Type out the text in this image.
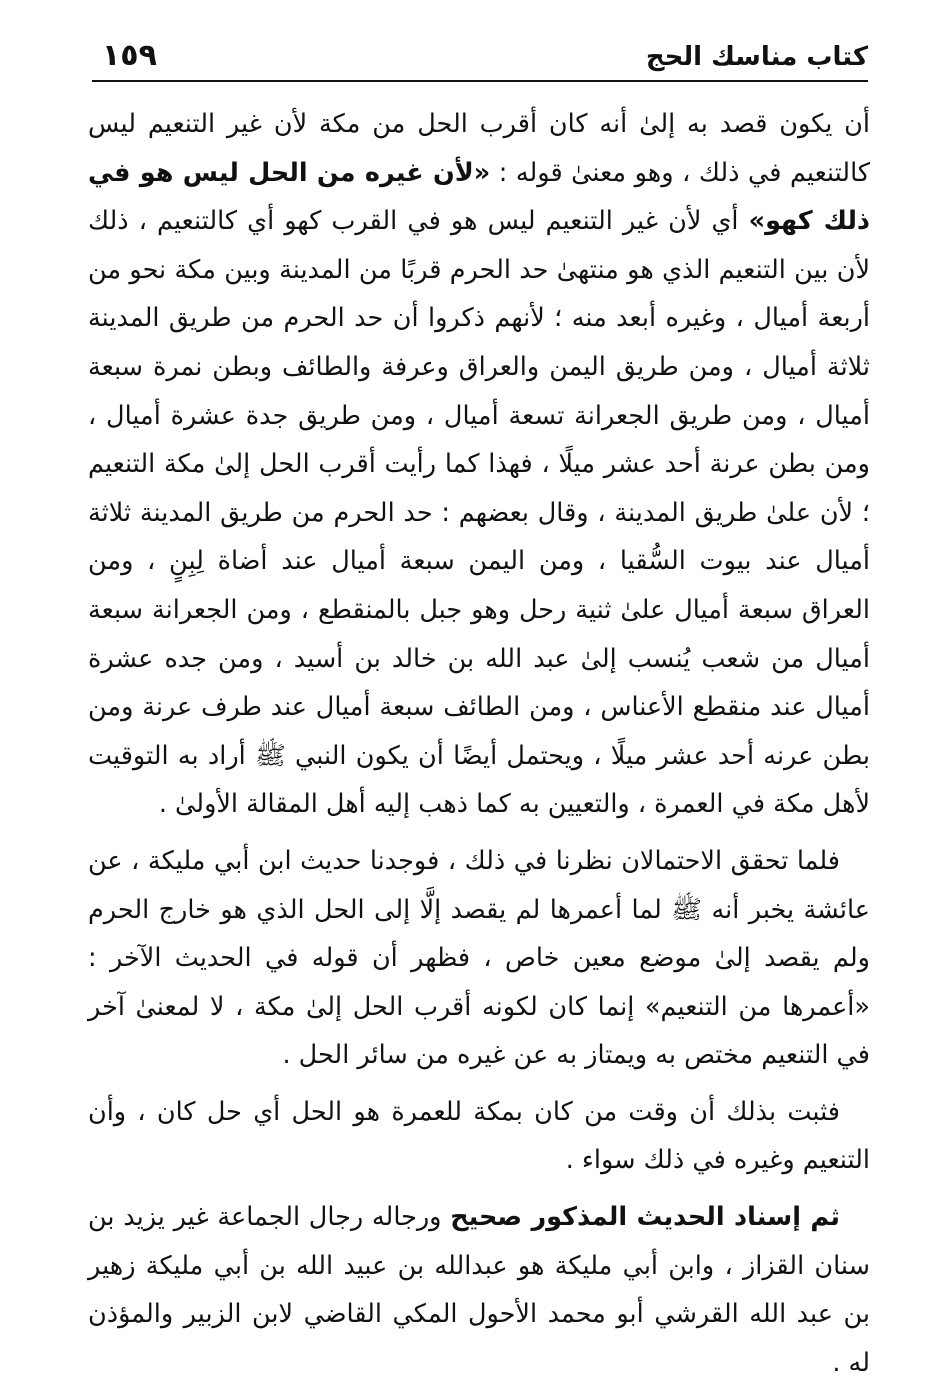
كتاب مناسك الحج
١٥٩

أن يكون قصد به إلىٰ أنه كان أقرب الحل من مكة لأن غير التنعيم ليس كالتنعيم في ذلك ، وهو معنىٰ قوله : «لأن غيره من الحل ليس هو في ذلك كهو» أي لأن غير التنعيم ليس هو في القرب كهو أي كالتنعيم ، ذلك لأن بين التنعيم الذي هو منتهىٰ حد الحرم قربًا من المدينة وبين مكة نحو من أربعة أميال ، وغيره أبعد منه ؛ لأنهم ذكروا أن حد الحرم من طريق المدينة ثلاثة أميال ، ومن طريق اليمن والعراق وعرفة والطائف وبطن نمرة سبعة أميال ، ومن طريق الجعرانة تسعة أميال ، ومن طريق جدة عشرة أميال ، ومن بطن عرنة أحد عشر ميلًا ، فهذا كما رأيت أقرب الحل إلىٰ مكة التنعيم ؛ لأن علىٰ طريق المدينة ، وقال بعضهم : حد الحرم من طريق المدينة ثلاثة أميال عند بيوت السُّقيا ، ومن اليمن سبعة أميال عند أضاة لِبِنٍ ، ومن العراق سبعة أميال علىٰ ثنية رحل وهو جبل بالمنقطع ، ومن الجعرانة سبعة أميال من شعب يُنسب إلىٰ عبد الله بن خالد بن أسيد ، ومن جده عشرة أميال عند منقطع الأعناس ، ومن الطائف سبعة أميال عند طرف عرنة ومن بطن عرنه أحد عشر ميلًا ، ويحتمل أيضًا أن يكون النبي ﷺ أراد به التوقيت لأهل مكة في العمرة ، والتعيين به كما ذهب إليه أهل المقالة الأولىٰ .

فلما تحقق الاحتمالان نظرنا في ذلك ، فوجدنا حديث ابن أبي مليكة ، عن عائشة يخبر أنه ﷺ لما أعمرها لم يقصد إلَّا إلى الحل الذي هو خارج الحرم ولم يقصد إلىٰ موضع معين خاص ، فظهر أن قوله في الحديث الآخر : «أعمرها من التنعيم» إنما كان لكونه أقرب الحل إلىٰ مكة ، لا لمعنىٰ آخر في التنعيم مختص به ويمتاز به عن غيره من سائر الحل .

فثبت بذلك أن وقت من كان بمكة للعمرة هو الحل أي حل كان ، وأن التنعيم وغيره في ذلك سواء .

ثم إسناد الحديث المذكور صحيح ورجاله رجال الجماعة غير يزيد بن سنان القزاز ، وابن أبي مليكة هو عبدالله بن عبيد الله بن أبي مليكة زهير بن عبد الله القرشي أبو محمد الأحول المكي القاضي لابن الزبير والمؤذن له .
